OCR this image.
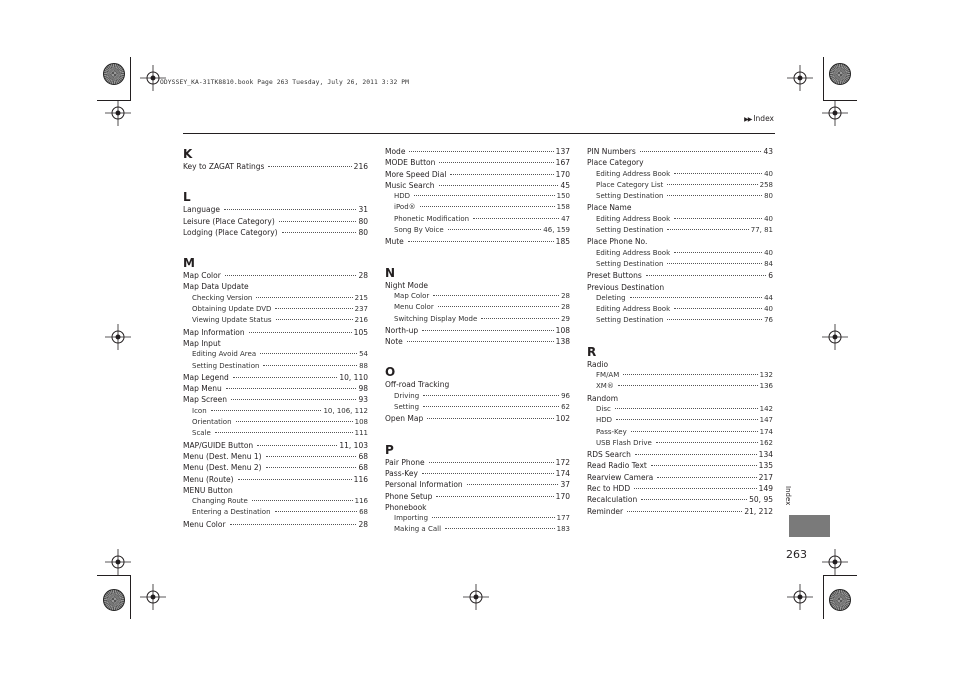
ODYSSEY_KA-31TK8810.book Page 263 Tuesday, July 26, 2011 3:32 PM
▶▶ Index
K
Key to ZAGAT Ratings	216
L
Language	31
Leisure (Place Category)	80
Lodging (Place Category)	80
M
Map Color	28
Map Data Update
Checking Version	215
Obtaining Update DVD	237
Viewing Update Status	216
Map Information	105
Map Input
Editing Avoid Area	54
Setting Destination	88
Map Legend	10, 110
Map Menu	98
Map Screen	93
Icon	10, 106, 112
Orientation	108
Scale	111
MAP/GUIDE Button	11, 103
Menu (Dest. Menu 1)	68
Menu (Dest. Menu 2)	68
Menu (Route)	116
MENU Button
Changing Route	116
Entering a Destination	68
Menu Color	28
Mode	137
MODE Button	167
More Speed Dial	170
Music Search	45
HDD	150
iPod®	158
Phonetic Modification	47
Song By Voice	46, 159
Mute	185
N
Night Mode
Map Color	28
Menu Color	28
Switching Display Mode	29
North-up	108
Note	138
O
Off-road Tracking
Driving	96
Setting	62
Open Map	102
P
Pair Phone	172
Pass-Key	174
Personal Information	37
Phone Setup	170
Phonebook
Importing	177
Making a Call	183
PIN Numbers	43
Place Category
Editing Address Book	40
Place Category List	258
Setting Destination	80
Place Name
Editing Address Book	40
Setting Destination	77, 81
Place Phone No.
Editing Address Book	40
Setting Destination	84
Preset Buttons	6
Previous Destination
Deleting	44
Editing Address Book	40
Setting Destination	76
R
Radio
FM/AM	132
XM®	136
Random
Disc	142
HDD	147
Pass-Key	174
USB Flash Drive	162
RDS Search	134
Read Radio Text	135
Rearview Camera	217
Rec to HDD	149
Recalculation	50, 95
Reminder	21, 212
Index
263
